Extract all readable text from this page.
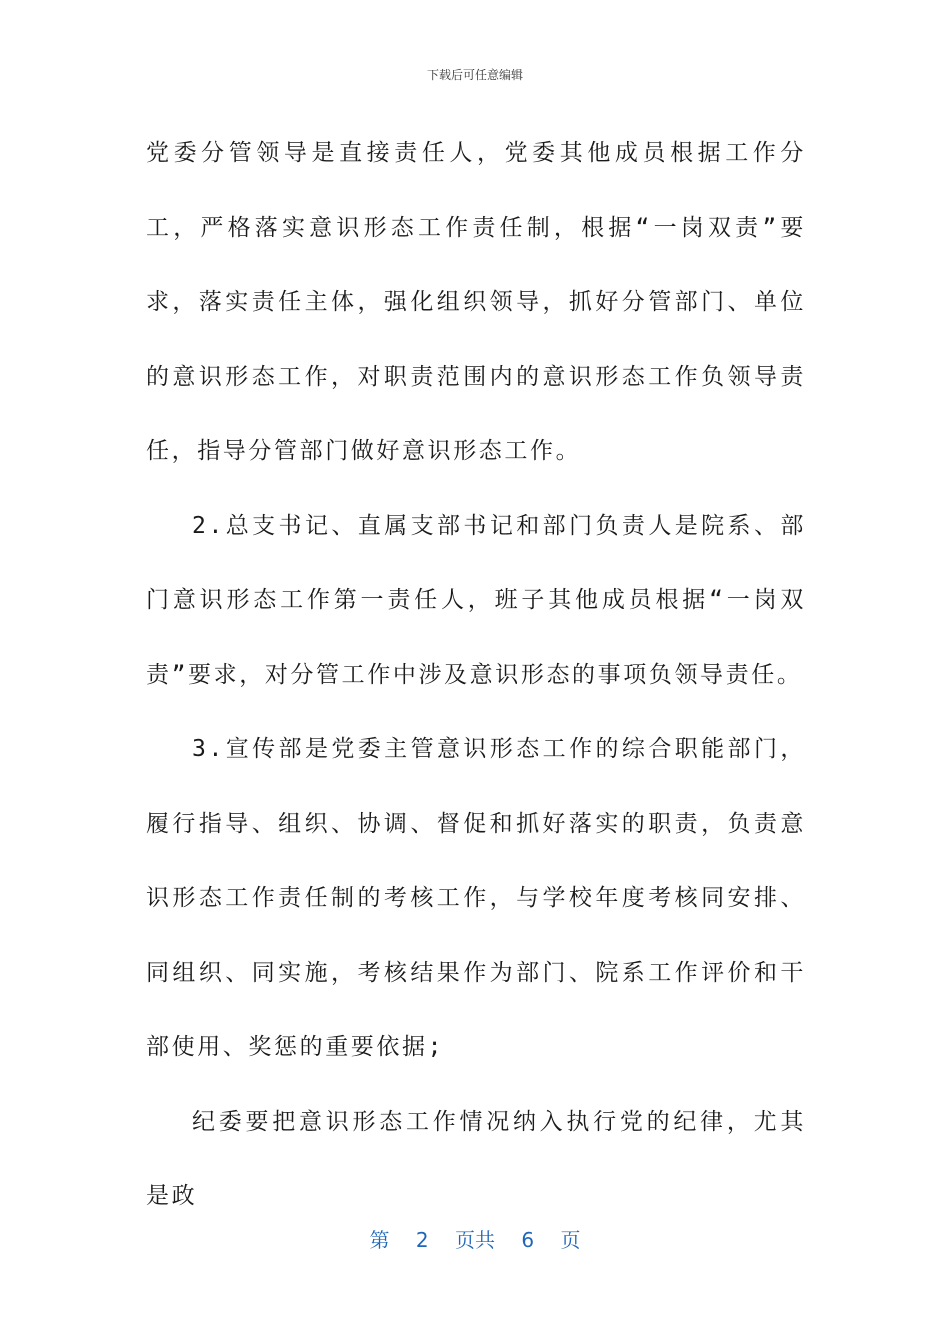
下载后可任意编辑

党委分管领导是直接责任人，党委其他成员根据工作分工，严格落实意识形态工作责任制，根据“一岗双责”要求，落实责任主体，强化组织领导，抓好分管部门、单位的意识形态工作，对职责范围内的意识形态工作负领导责任，指导分管部门做好意识形态工作。

2.总支书记、直属支部书记和部门负责人是院系、部门意识形态工作第一责任人，班子其他成员根据“一岗双责”要求，对分管工作中涉及意识形态的事项负领导责任。

3.宣传部是党委主管意识形态工作的综合职能部门，履行指导、组织、协调、督促和抓好落实的职责，负责意识形态工作责任制的考核工作，与学校年度考核同安排、同组织、同实施，考核结果作为部门、院系工作评价和干部使用、奖惩的重要依据;

纪委要把意识形态工作情况纳入执行党的纪律，尤其是政

第 2 页共 6 页
